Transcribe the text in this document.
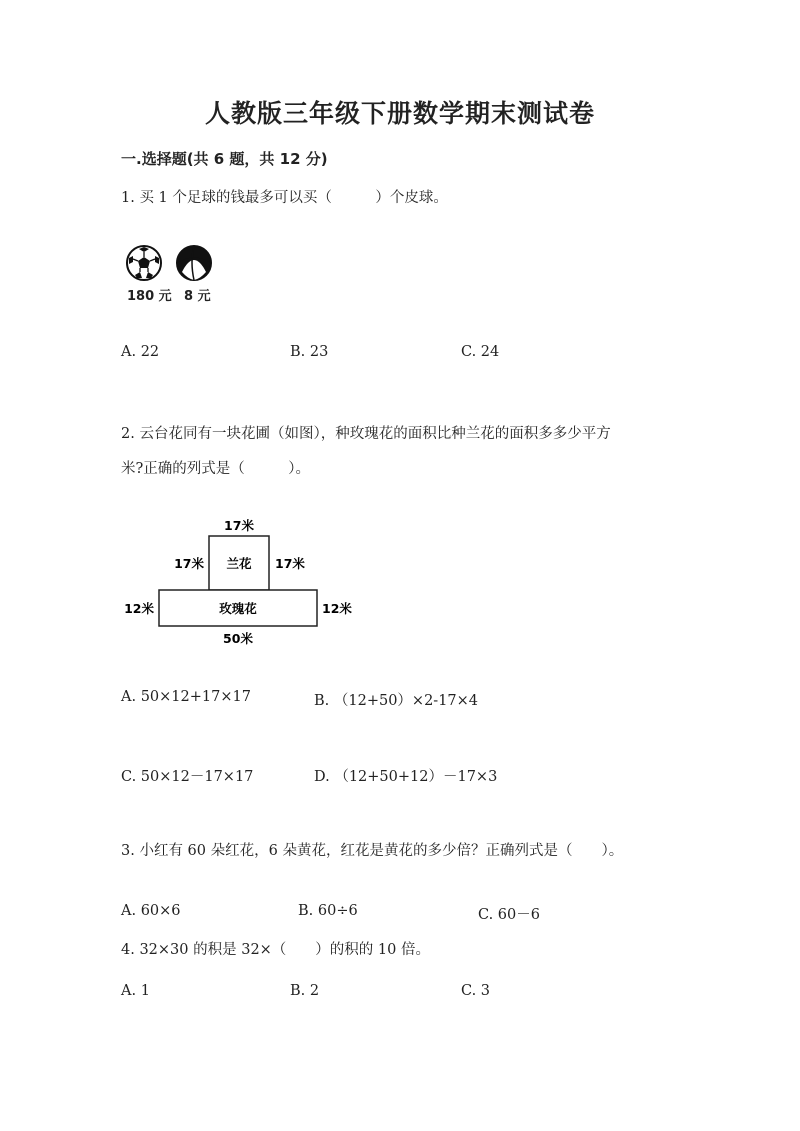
人教版三年级下册数学期末测试卷
一.选择题(共 6 题，共 12 分)
1. 买 1 个足球的钱最多可以买（　　　）个皮球。
180 元 8 元
A. 22	B. 23	C. 24
2. 云台花同有一块花圃（如图），种玫瑰花的面积比种兰花的面积多多少平方
米?正确的列式是（　　　）。
17米
17米	17米
兰花
12米	12米
玫瑰花
50米
A. 50×12+17×17	B. （12+50）×2-17×4
C. 50×12－17×17	D. （12+50+12）－17×3
3. 小红有 60 朵红花，6 朵黄花，红花是黄花的多少倍？正确列式是（　　）。
A. 60×6	B. 60÷6	C. 60－6
4. 32×30 的积是 32×（　　）的积的 10 倍。
A. 1	B. 2	C. 3
